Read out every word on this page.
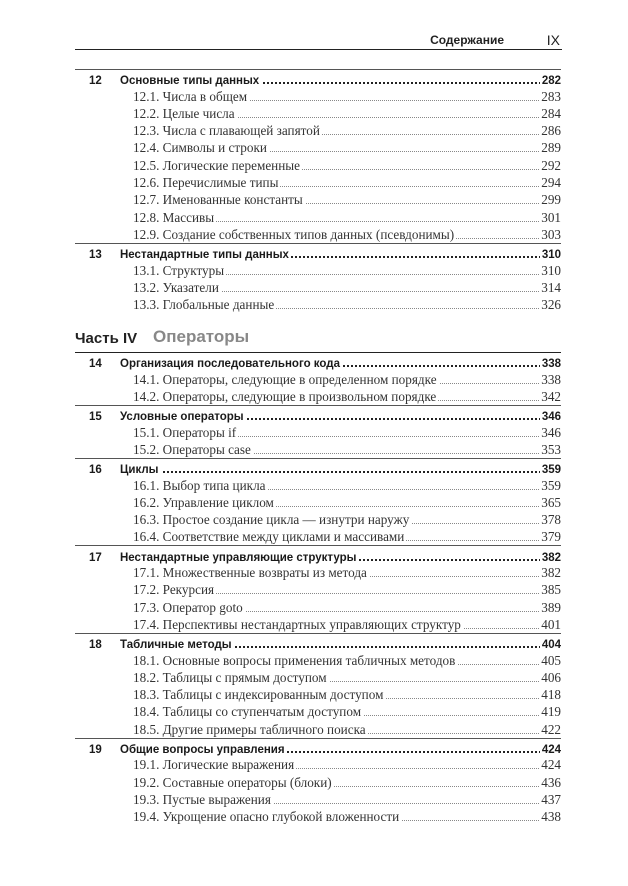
Содержание	IX
12	Основные типы данных	282
12.1. Числа в общем	283
12.2. Целые числа	284
12.3. Числа с плавающей запятой	286
12.4. Символы и строки	289
12.5. Логические переменные	292
12.6. Перечислимые типы	294
12.7. Именованные константы	299
12.8. Массивы	301
12.9. Создание собственных типов данных (псевдонимы)	303
13	Нестандартные типы данных	310
13.1. Структуры	310
13.2. Указатели	314
13.3. Глобальные данные	326
Часть IV Операторы
14	Организация последовательного кода	338
14.1. Операторы, следующие в определенном порядке	338
14.2. Операторы, следующие в произвольном порядке	342
15	Условные операторы	346
15.1. Операторы if	346
15.2. Операторы case	353
16	Циклы	359
16.1. Выбор типа цикла	359
16.2. Управление циклом	365
16.3. Простое создание цикла — изнутри наружу	378
16.4. Соответствие между циклами и массивами	379
17	Нестандартные управляющие структуры	382
17.1. Множественные возвраты из метода	382
17.2. Рекурсия	385
17.3. Оператор goto	389
17.4. Перспективы нестандартных управляющих структур	401
18	Табличные методы	404
18.1. Основные вопросы применения табличных методов	405
18.2. Таблицы с прямым доступом	406
18.3. Таблицы с индексированным доступом	418
18.4. Таблицы со ступенчатым доступом	419
18.5. Другие примеры табличного поиска	422
19	Общие вопросы управления	424
19.1. Логические выражения	424
19.2. Составные операторы (блоки)	436
19.3. Пустые выражения	437
19.4. Укрощение опасно глубокой вложенности	438
